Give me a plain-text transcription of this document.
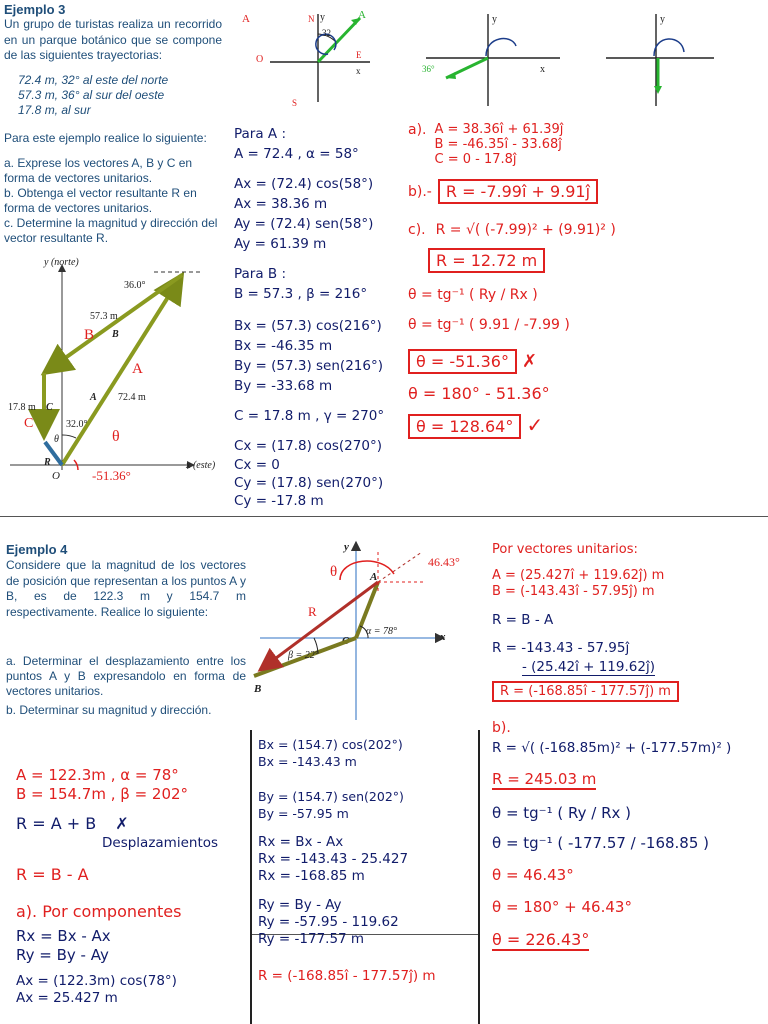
Ejemplo 3
Un grupo de turistas realiza un recorrido en un parque botánico que se compone de las siguientes trayectorias:
72.4 m, 32° al este del norte
57.3 m, 36° al sur del oeste
17.8 m, al sur
Para este ejemplo realice lo siguiente:
a. Exprese los vectores A, B y C en forma de vectores unitarios.
b. Obtenga el vector resultante R en forma de vectores unitarios.
c. Determine la magnitud y dirección del vector resultante R.
y (norte)
x (este)
O
36.0°
57.3 m
B
A 72.4 m
17.8 m C
32.0°
θ
R
B
A
C
θ
-51.36°
A	N y	A
32
O	E
x
S
y
36°	x
y
Para A :
A = 72.4 , α = 58°
Ax = (72.4) cos(58°)
Ax = 38.36 m
Ay = (72.4) sen(58°)
Ay = 61.39 m
Para B :
B = 57.3 , β = 216°
Bx = (57.3) cos(216°)
Bx = -46.35 m
By = (57.3) sen(216°)
By = -33.68 m
C = 17.8 m , γ = 270°
Cx = (17.8) cos(270°)
Cx = 0
Cy = (17.8) sen(270°)
Cy = -17.8 m
a). A = 38.36î + 61.39ĵ
B = -46.35î - 33.68ĵ
C = 0 - 17.8ĵ
b).- R = -7.99î + 9.91ĵ
c). R = √( (-7.99)² + (9.91)² )
R = 12.72 m
θ = tg⁻¹ ( Ry / Rx )
θ = tg⁻¹ ( 9.91 / -7.99 )
θ = -51.36° ✗
θ = 180° - 51.36°
θ = 128.64° ✓
Ejemplo 4
Considere que la magnitud de los vectores de posición que representan a los puntos A y B, es de 122.3 m y 154.7 m respectivamente. Realice lo siguiente:
a. Determinar el desplazamiento entre los puntos A y B expresandolo en forma de vectores unitarios.
b. Determinar su magnitud y dirección.
y
x
A
B
α = 78°
β = 22°
θ
R
46.43°
A = 122.3m , α = 78°
B = 154.7m , β = 202°
R = A + B ✗
Desplazamientos
R = B - A
a). Por componentes
Rx = Bx - Ax
Ry = By - Ay
Ax = (122.3m) cos(78°)
Ax = 25.427 m
Bx = (154.7) cos(202°)
Bx = -143.43 m
By = (154.7) sen(202°)
By = -57.95 m
Rx = Bx - Ax
Rx = -143.43 - 25.427
Rx = -168.85 m
Ry = By - Ay
Ry = -57.95 - 119.62
Ry = -177.57 m
R = (-168.85î - 177.57ĵ) m
Por vectores unitarios:
A = (25.427î + 119.62ĵ) m
B = (-143.43î - 57.95ĵ) m
R = B - A
R = -143.43 - 57.95ĵ
- (25.42î + 119.62ĵ)
R = (-168.85î - 177.57ĵ) m
b).
R = √( (-168.85m)² + (-177.57m)² )
R = 245.03 m
θ = tg⁻¹ ( Ry / Rx )
θ = tg⁻¹ ( -177.57 / -168.85 )
θ = 46.43°
θ = 180° + 46.43°
θ = 226.43°
